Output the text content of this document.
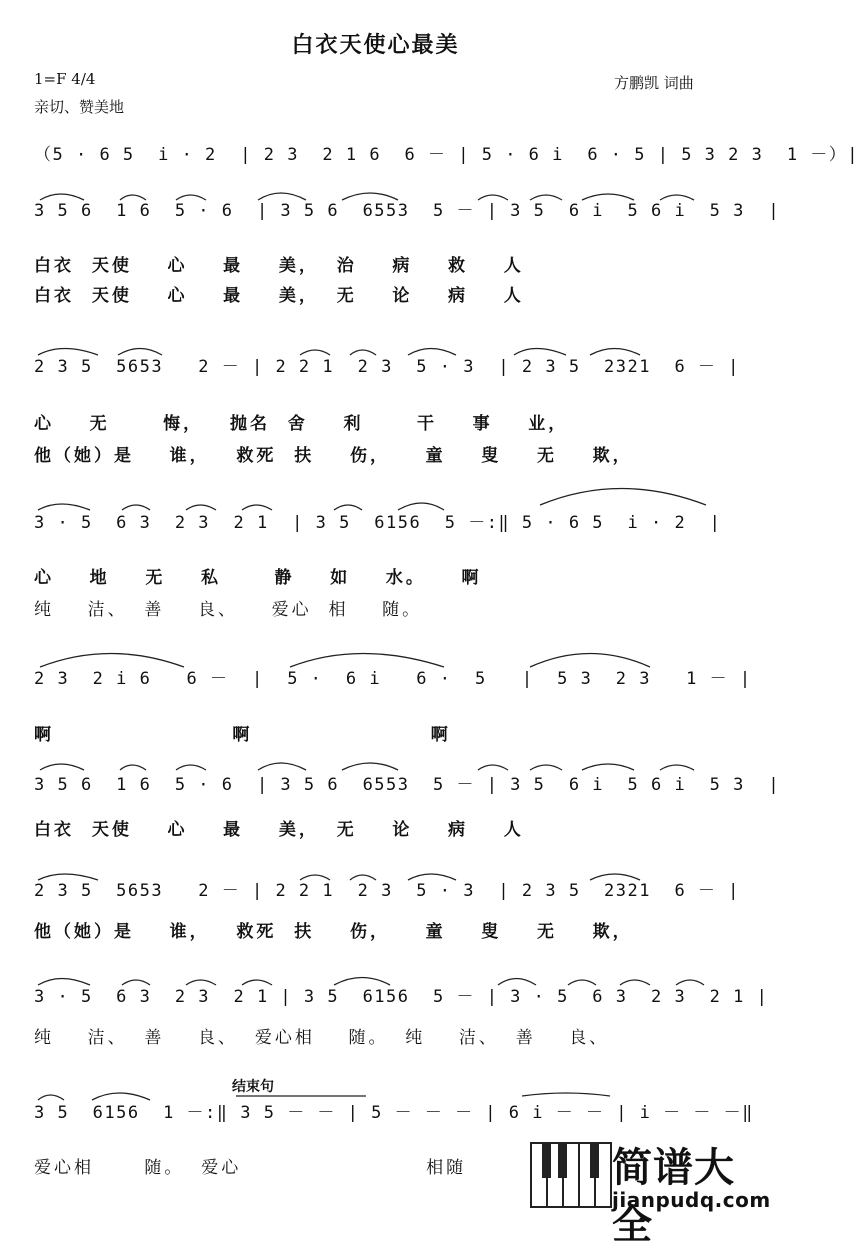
白衣天使心最美
1=F 4/4
亲切、赞美地
方鹏凯 词曲
（5 · 6 5  i · 2  | 2 3  2 1 6  6 － | 5 · 6 i  6 · 5 | 5 3 2 3  1 －）|
3 5 6  1 6  5 · 6  | 3 5 6  6553  5 － | 3 5  6 i  5 6 i  5 3  |
白衣  天使    心    最    美，  治    病    救    人
白衣  天使    心    最    美，  无    论    病    人
2 3 5  5653   2 － | 2 2 1  2 3  5 · 3  | 2 3 5  2321  6 － |
心    无      悔，   抛名  舍    利      干    事    业，
他（她）是    谁，   救死  扶    伤，    童    叟    无    欺，
3 · 5  6 3  2 3  2 1  | 3 5  6156  5 －:‖ 5 · 6 5  i · 2  |
心    地    无    私      静    如    水。    啊
纯    洁、  善    良、    爱心  相    随。
2 3  2 i 6   6 －  |  5 ·  6 i   6 ·  5   |  5 3  2 3   1 － |
啊                    啊                    啊
3 5 6  1 6  5 · 6  | 3 5 6  6553  5 － | 3 5  6 i  5 6 i  5 3  |
白衣  天使    心    最    美，  无    论    病    人
2 3 5  5653   2 － | 2 2 1  2 3  5 · 3  | 2 3 5  2321  6 － |
他（她）是    谁，   救死  扶    伤，    童    叟    无    欺，
3 · 5  6 3  2 3  2 1 | 3 5  6156  5 － | 3 · 5  6 3  2 3  2 1 |
纯    洁、  善    良、  爱心相    随。  纯    洁、  善    良、
结束句
3 5  6156  1 －:‖ 3 5 － － | 5 － － － | 6 i － － | i － － －‖
爱心相      随。  爱心                      相随	简谱大全
jianpudq.com
